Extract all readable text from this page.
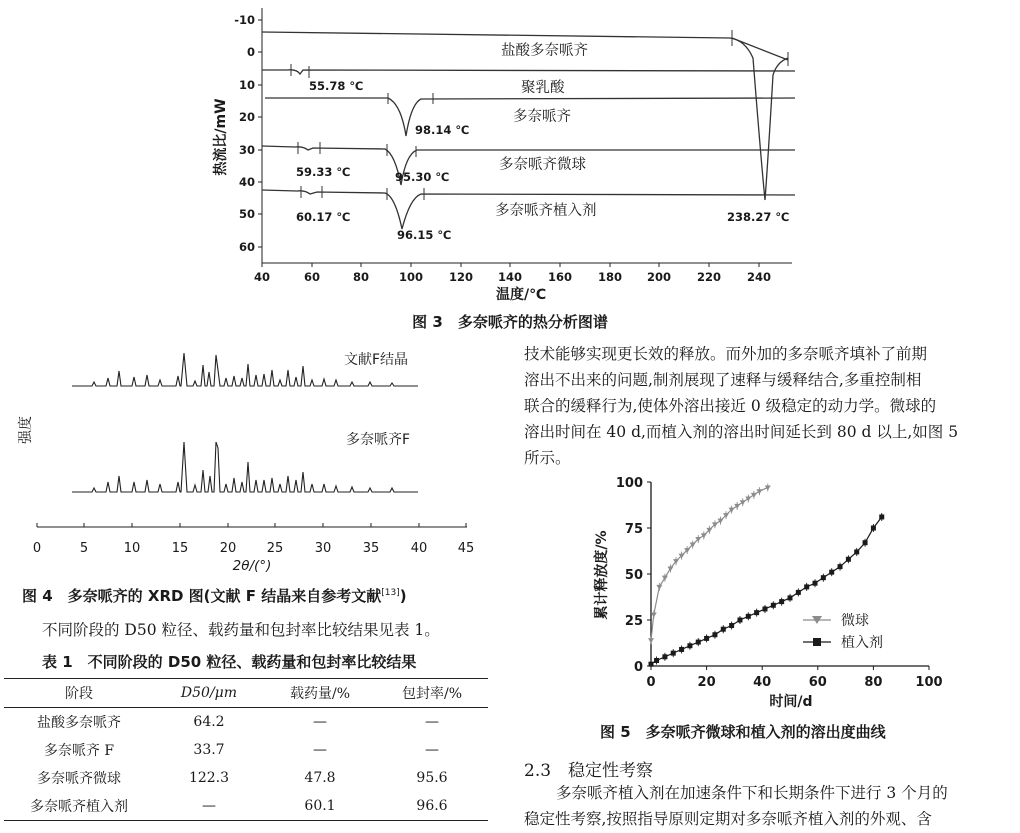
-10
0
10
20
30
40
50
60
40	60	80	100 120 140 160 180 200 220 240
温度/℃
热流比/mW
盐酸多奈哌齐
聚乳酸
多奈哌齐
多奈哌齐微球
多奈哌齐植入剂
55.78 ℃
98.14 ℃
59.33 ℃	95.30 ℃
60.17 ℃
96.15 ℃
238.27 ℃
图 3　多奈哌齐的热分析图谱
强度
0	5	10 15 20 25 30 35 40 45
2θ/(°)
文献F结晶
多奈哌齐F
图 4　多奈哌齐的 XRD 图(文献 F 结晶来自参考文献[13])
不同阶段的 D50 粒径、载药量和包封率比较结果见表 1。
表 1　不同阶段的 D50 粒径、载药量和包封率比较结果
阶段	D50/μm	载药量/%	包封率/%
盐酸多奈哌齐	64.2	—	—
多奈哌齐 F	33.7	—	—
多奈哌齐微球	122.3	47.8	95.6
多奈哌齐植入剂	—	60.1	96.6
技术能够实现更长效的释放。而外加的多奈哌齐填补了前期
溶出不出来的问题,制剂展现了速释与缓释结合,多重控制相
联合的缓释行为,使体外溶出接近 0 级稳定的动力学。微球的
溶出时间在 40 d,而植入剂的溶出时间延长到 80 d 以上,如图 5
所示。
0
25
50
75
100
0	20	40	60	80	100
时间/d
累计释放度/%
微球
植入剂
图 5　多奈哌齐微球和植入剂的溶出度曲线
2.3　稳定性考察
多奈哌齐植入剂在加速条件下和长期条件下进行 3 个月的
稳定性考察,按照指导原则定期对多奈哌齐植入剂的外观、含
